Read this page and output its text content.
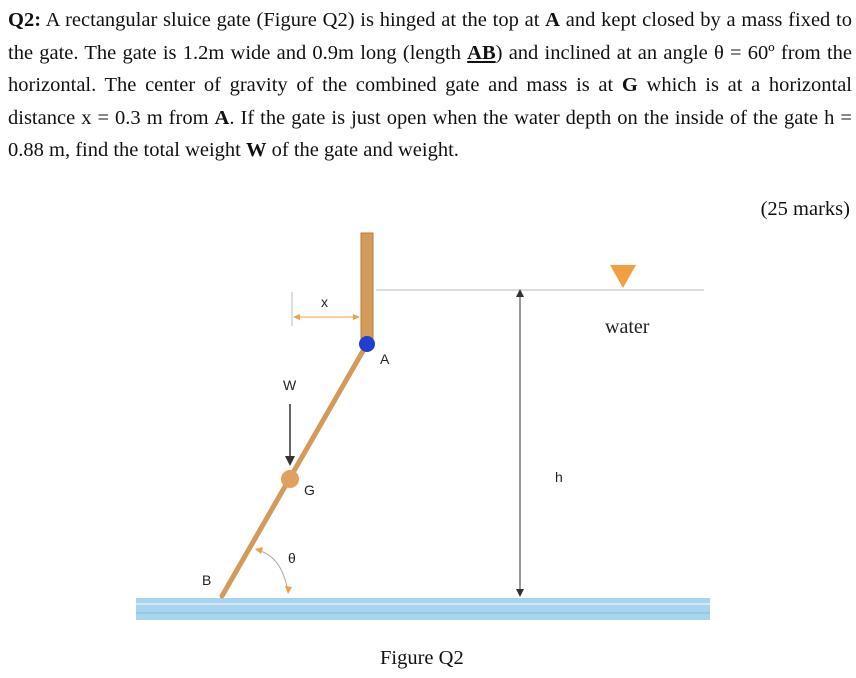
Q2: A rectangular sluice gate (Figure Q2) is hinged at the top at A and kept closed by a mass fixed to the gate. The gate is 1.2m wide and 0.9m long (length AB) and inclined at an angle θ = 60º from the horizontal. The center of gravity of the combined gate and mass is at G which is at a horizontal distance x = 0.3 m from A. If the gate is just open when the water depth on the inside of the gate h = 0.88 m, find the total weight W of the gate and weight.
(25 marks)
water
A
G
W
x
h
θ
B
Figure Q2
